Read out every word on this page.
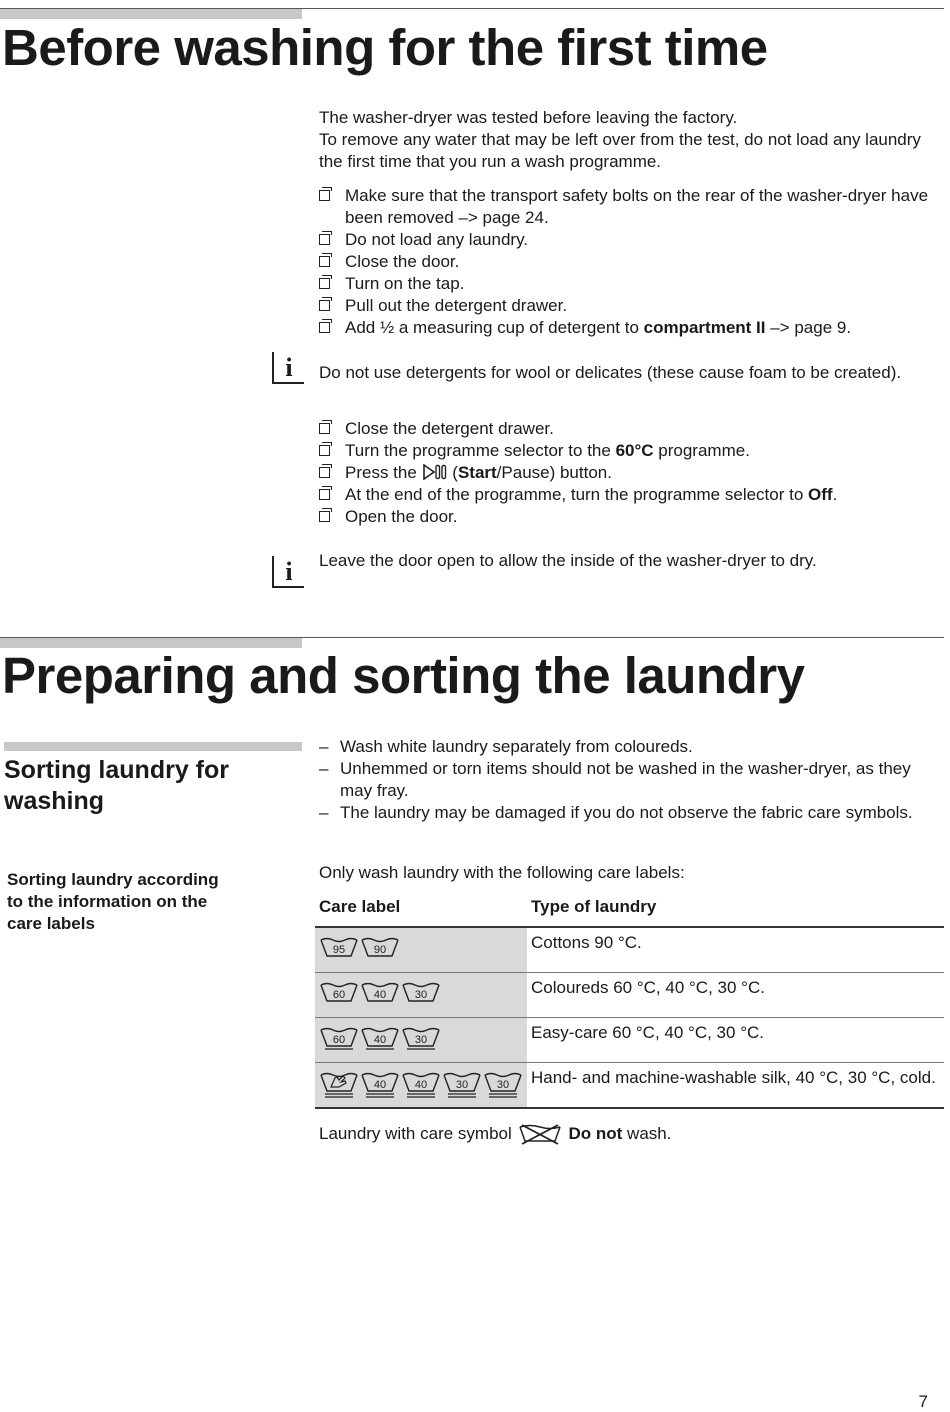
Before washing for the first time
The washer-dryer was tested before leaving the factory.
To remove any water that may be left over from the test, do not load any laundry the first time that you run a wash programme.
Make sure that the transport safety bolts on the rear of the washer-dryer have been removed –> page 24.
Do not load any laundry.
Close the door.
Turn on the tap.
Pull out the detergent drawer.
Add ½ a measuring cup of detergent to compartment II –> page 9.
i	Do not use detergents for wool or delicates (these cause foam to be created).
Close the detergent drawer.
Turn the programme selector to the 60°C programme.
Press the  (Start/Pause) button.
At the end of the programme, turn the programme selector to Off.
Open the door.
i	Leave the door open to allow the inside of the washer-dryer to dry.
Preparing and sorting the laundry
Sorting laundry for washing
Sorting laundry according to the information on the care labels
– Wash white laundry separately from coloureds.
– Unhemmed or torn items should not be washed in the washer-dryer, as they may fray.
– The laundry may be damaged if you do not observe the fabric care symbols.
Only wash laundry with the following care labels:
Care label	Type of laundry

95 90	Cottons 90 °C.

60 40 30	Coloureds 60 °C, 40 °C, 30 °C.

60 40 30	Easy-care 60 °C, 40 °C, 30 °C.

40 40 30 30	Hand- and machine-washable silk, 40 °C, 30 °C, cold.
Laundry with care symbol	Do not wash.
7
